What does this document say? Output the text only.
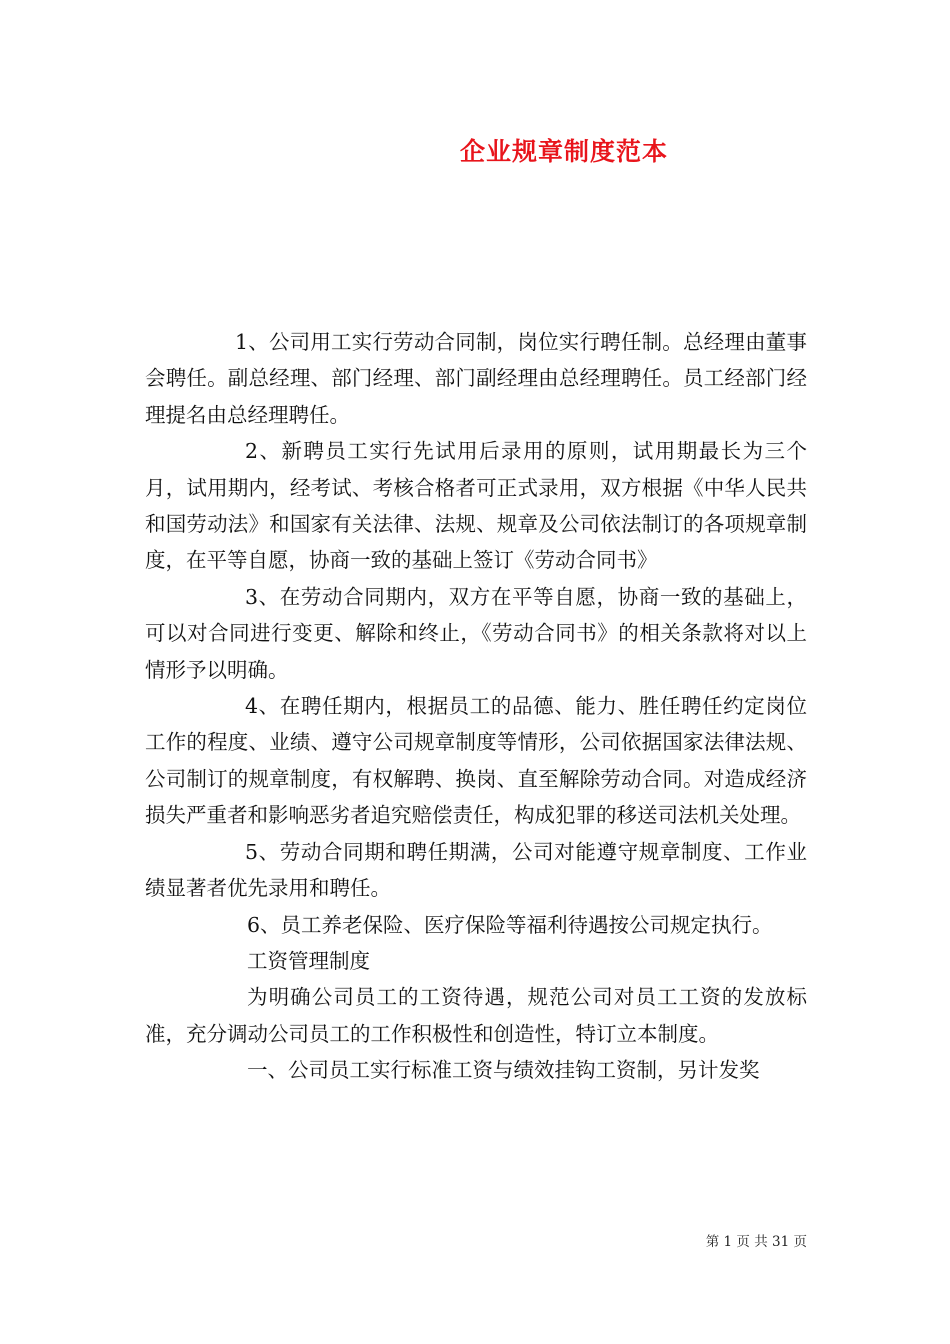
企业规章制度范本

1、公司用工实行劳动合同制，岗位实行聘任制。总经理由董事会聘任。副总经理、部门经理、部门副经理由总经理聘任。员工经部门经理提名由总经理聘任。

2、新聘员工实行先试用后录用的原则，试用期最长为三个月，试用期内，经考试、考核合格者可正式录用，双方根据《中华人民共和国劳动法》和国家有关法律、法规、规章及公司依法制订的各项规章制度，在平等自愿，协商一致的基础上签订《劳动合同书》

3、在劳动合同期内，双方在平等自愿，协商一致的基础上，可以对合同进行变更、解除和终止，《劳动合同书》的相关条款将对以上情形予以明确。

4、在聘任期内，根据员工的品德、能力、胜任聘任约定岗位工作的程度、业绩、遵守公司规章制度等情形，公司依据国家法律法规、公司制订的规章制度，有权解聘、换岗、直至解除劳动合同。对造成经济损失严重者和影响恶劣者追究赔偿责任，构成犯罪的移送司法机关处理。

5、劳动合同期和聘任期满，公司对能遵守规章制度、工作业绩显著者优先录用和聘任。

6、员工养老保险、医疗保险等福利待遇按公司规定执行。

工资管理制度

为明确公司员工的工资待遇，规范公司对员工工资的发放标准，充分调动公司员工的工作积极性和创造性，特订立本制度。

一、公司员工实行标准工资与绩效挂钩工资制，另计发奖

第 1 页 共 31 页
